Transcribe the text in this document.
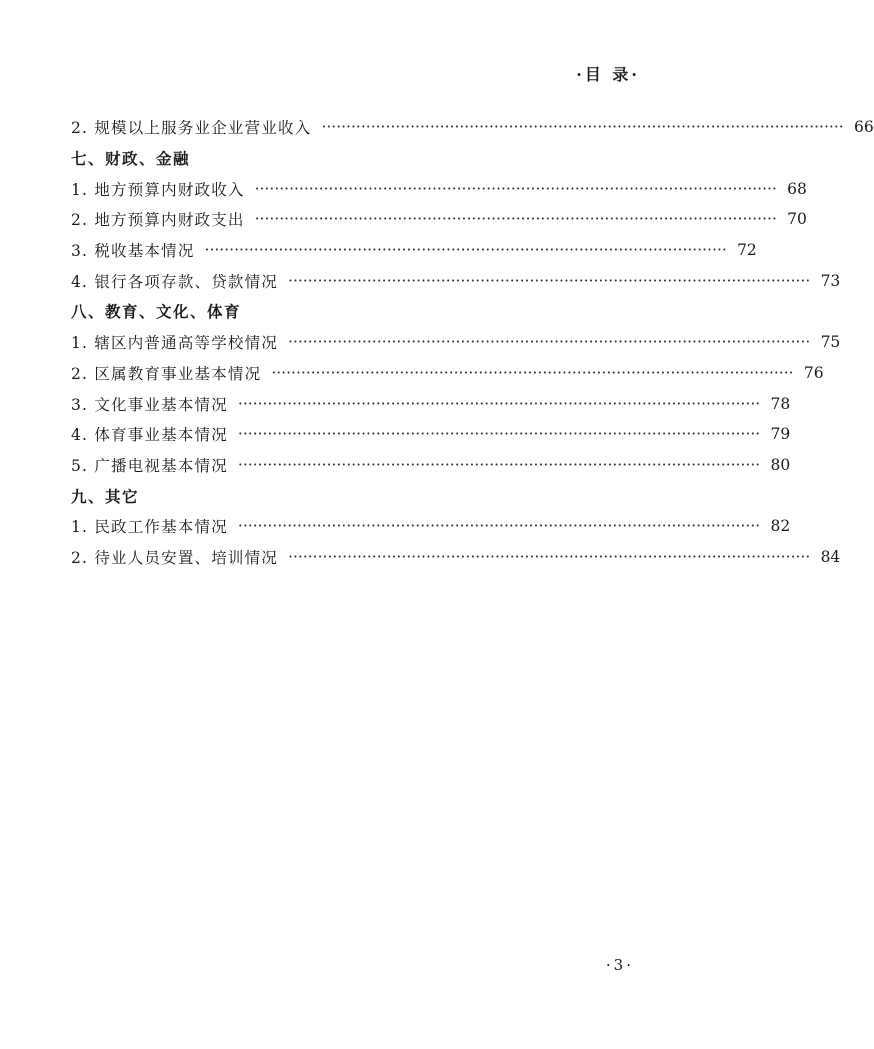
·目 录·
2. 规模以上服务业企业营业收入 ·········································································································· 66
七、财政、金融
1. 地方预算内财政收入 ·········································································································· 68
2. 地方预算内财政支出 ·········································································································· 70
3. 税收基本情况 ·········································································································· 72
4. 银行各项存款、贷款情况 ·········································································································· 73
八、教育、文化、体育
1. 辖区内普通高等学校情况 ·········································································································· 75
2. 区属教育事业基本情况 ·········································································································· 76
3. 文化事业基本情况 ·········································································································· 78
4. 体育事业基本情况 ·········································································································· 79
5. 广播电视基本情况 ·········································································································· 80
九、其它
1. 民政工作基本情况 ·········································································································· 82
2. 待业人员安置、培训情况 ·········································································································· 84
·3·
